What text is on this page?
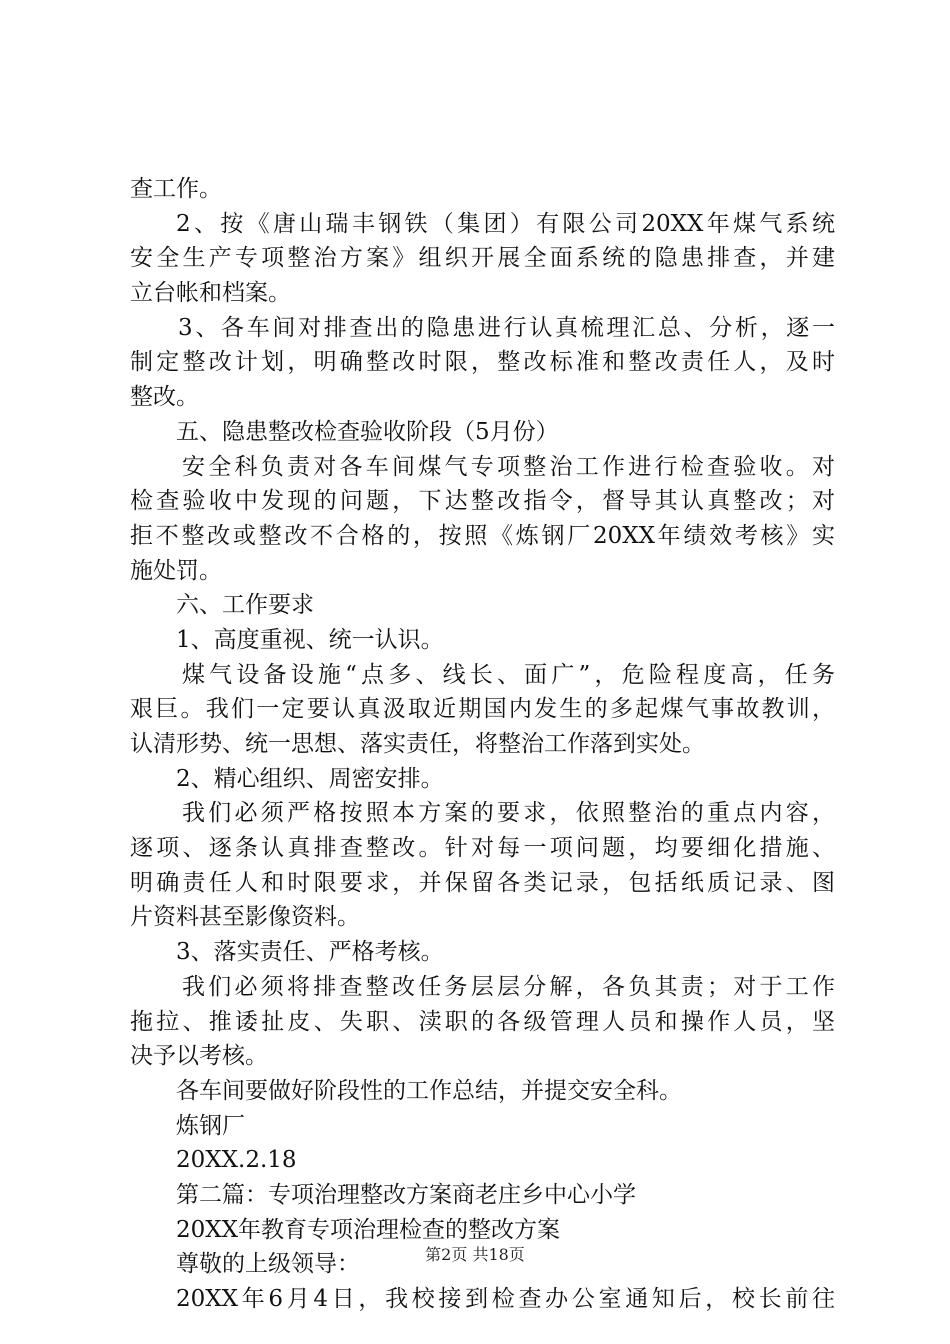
查工作。
2、按《唐山瑞丰钢铁（集团）有限公司20XX年煤气系统
安全生产专项整治方案》组织开展全面系统的隐患排查，并建
立台帐和档案。
3、各车间对排查出的隐患进行认真梳理汇总、分析，逐一
制定整改计划，明确整改时限，整改标准和整改责任人，及时
整改。
五、隐患整改检查验收阶段（5月份）
安全科负责对各车间煤气专项整治工作进行检查验收。对
检查验收中发现的问题，下达整改指令，督导其认真整改；对
拒不整改或整改不合格的，按照《炼钢厂20XX年绩效考核》实
施处罚。
六、工作要求
1、高度重视、统一认识。
煤气设备设施“点多、线长、面广”，危险程度高，任务
艰巨。我们一定要认真汲取近期国内发生的多起煤气事故教训，
认清形势、统一思想、落实责任，将整治工作落到实处。
2、精心组织、周密安排。
我们必须严格按照本方案的要求，依照整治的重点内容，
逐项、逐条认真排查整改。针对每一项问题，均要细化措施、
明确责任人和时限要求，并保留各类记录，包括纸质记录、图
片资料甚至影像资料。
3、落实责任、严格考核。
我们必须将排查整改任务层层分解，各负其责；对于工作
拖拉、推诿扯皮、失职、渎职的各级管理人员和操作人员，坚
决予以考核。
各车间要做好阶段性的工作总结，并提交安全科。
炼钢厂
20XX.2.18
第二篇：专项治理整改方案商老庄乡中心小学
20XX年教育专项治理检查的整改方案
尊敬的上级领导：
20XX年6月4日，我校接到检查办公室通知后，校长前往
第2页 共18页
